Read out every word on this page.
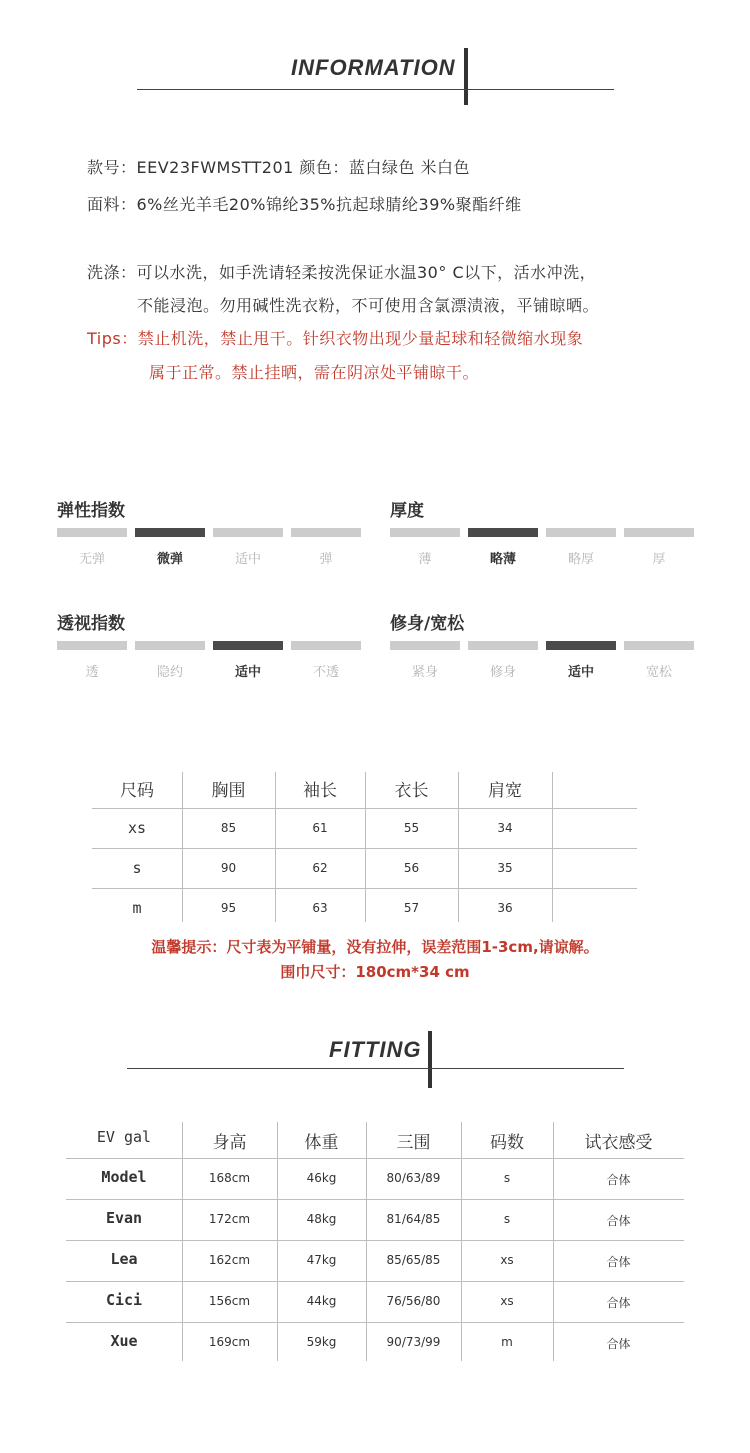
INFORMATION
款号：EEV23FWMSTT201 颜色：蓝白绿色 米白色
面料：6%丝光羊毛20%锦纶35%抗起球腈纶39%聚酯纤维
洗涤：可以水洗，如手洗请轻柔按洗保证水温30° C以下，活水冲洗，
不能浸泡。勿用碱性洗衣粉，不可使用含氯漂渍液，平铺晾晒。
Tips：禁止机洗，禁止甩干。针织衣物出现少量起球和轻微缩水现象
属于正常。禁止挂晒，需在阴凉处平铺晾干。
弹性指数
无弹	微弹	适中	弹
厚度
薄	略薄	略厚	厚
透视指数
透	隐约	适中	不透
修身/宽松
紧身	修身	适中	宽松
尺码	胸围	袖长	衣长	肩宽
xs	85	61	55	34
s	90	62	56	35
m	95	63	57	36
温馨提示：尺寸表为平铺量，没有拉伸，误差范围1-3cm,请谅解。
围巾尺寸：180cm*34 cm
FITTING
EV gal	身高	体重	三围	码数	试衣感受
Model	168cm	46kg	80/63/89	s	合体
Evan	172cm	48kg	81/64/85	s	合体
Lea	162cm	47kg	85/65/85	xs	合体
Cici	156cm	44kg	76/56/80	xs	合体
Xue	169cm	59kg	90/73/99	m	合体
